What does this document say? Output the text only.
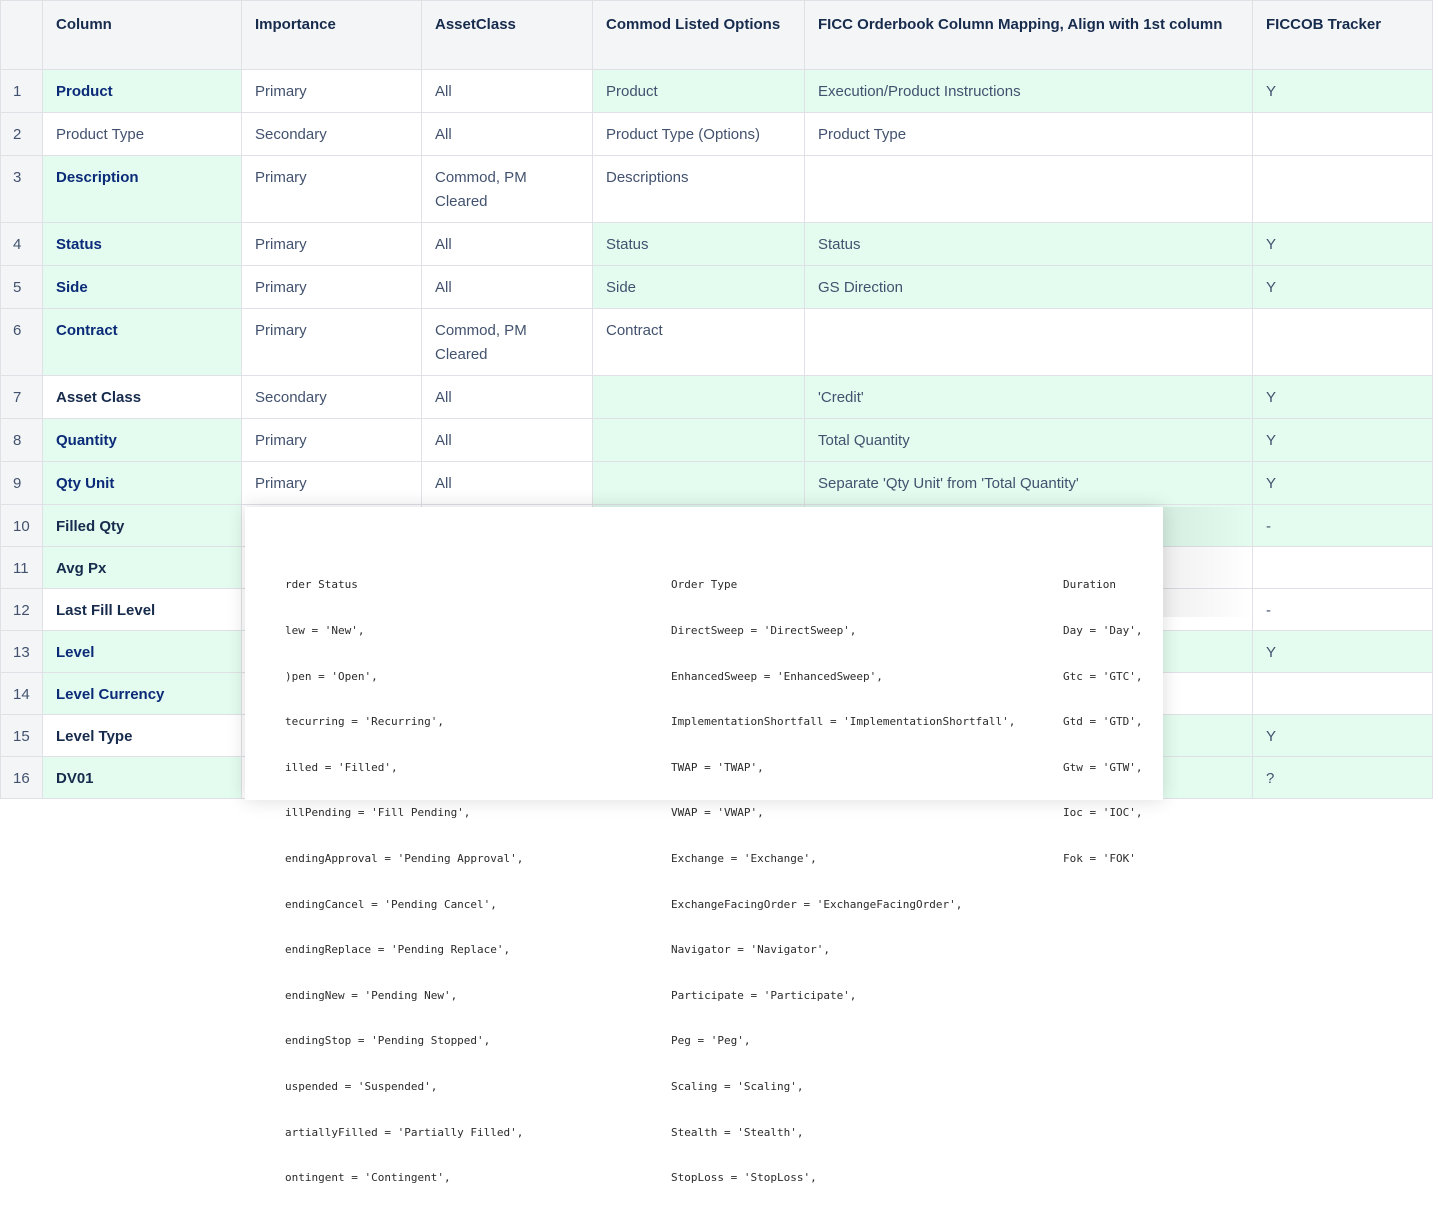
	Column	Importance	AssetClass	Commod Listed Options	FICC Orderbook Column Mapping, Align with 1st column	FICCOB Tracker
1	Product	Primary	All	Product	Execution/Product Instructions	Y
2	Product Type	Secondary	All	Product Type (Options)	Product Type	
3	Description	Primary	Commod, PM Cleared	Descriptions		
4	Status	Primary	All	Status	Status	Y
5	Side	Primary	All	Side	GS Direction	Y
6	Contract	Primary	Commod, PM Cleared	Contract		
7	Asset Class	Secondary	All		'Credit'	Y
8	Quantity	Primary	All		Total Quantity	Y
9	Qty Unit	Primary	All		Separate 'Qty Unit' from 'Total Quantity'	Y
10	Filled Qty					-
11	Avg Px					
12	Last Fill Level					-
13	Level					Y
14	Level Currency					
15	Level Type					Y
16	DV01					?

rder Status

lew = 'New',

)pen = 'Open',

tecurring = 'Recurring',

illed = 'Filled',

illPending = 'Fill Pending',

endingApproval = 'Pending Approval',

endingCancel = 'Pending Cancel',

endingReplace = 'Pending Replace',

endingNew = 'Pending New',

endingStop = 'Pending Stopped',

uspended = 'Suspended',

artiallyFilled = 'Partially Filled',

ontingent = 'Contingent',

Order Type

DirectSweep = 'DirectSweep',

EnhancedSweep = 'EnhancedSweep',

ImplementationShortfall = 'ImplementationShortfall',

TWAP = 'TWAP',

VWAP = 'VWAP',

Exchange = 'Exchange',

ExchangeFacingOrder = 'ExchangeFacingOrder',

Navigator = 'Navigator',

Participate = 'Participate',

Peg = 'Peg',

Scaling = 'Scaling',

Stealth = 'Stealth',

StopLoss = 'StopLoss',

Duration

Day = 'Day',

Gtc = 'GTC',

Gtd = 'GTD',

Gtw = 'GTW',

Ioc = 'IOC',

Fok = 'FOK'
